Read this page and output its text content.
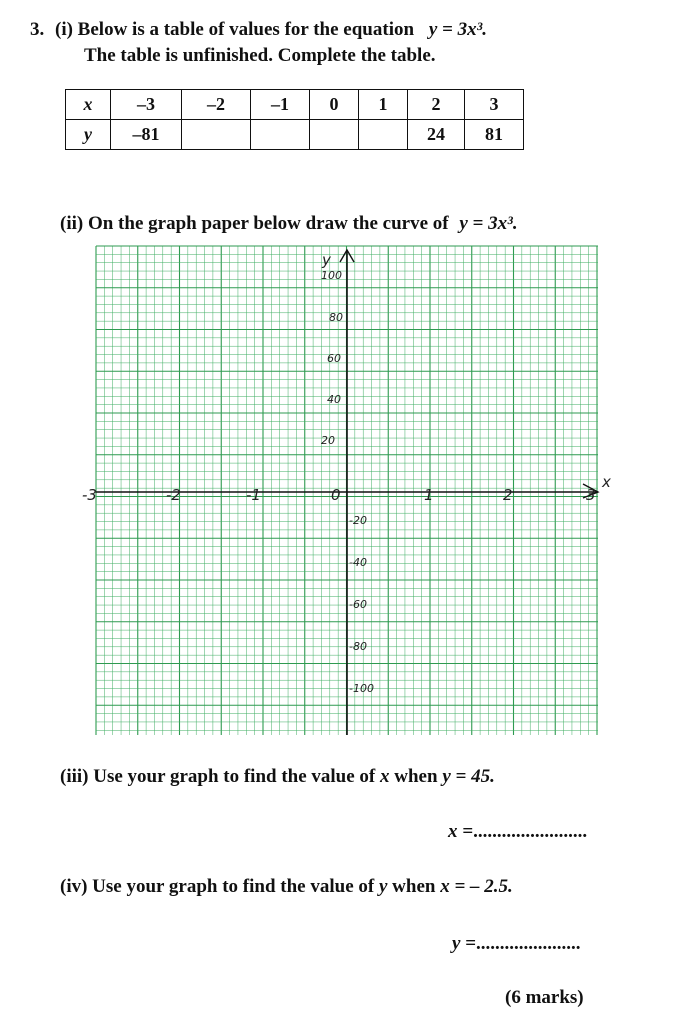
3. (i) Below is a table of values for the equation y = 3x³.
The table is unfinished. Complete the table.
x	–3	–2	–1	0	1	2	3
y	–81					24	81
(ii) On the graph paper below draw the curve of y = 3x³.
y
x
-3	-2	-1	0	1	2	3
100
80
60
40
20
-20
-40
-60
-80
-100
(iii) Use your graph to find the value of x when y = 45.
x =........................
(iv) Use your graph to find the value of y when x = – 2.5.
y =......................
(6 marks)
